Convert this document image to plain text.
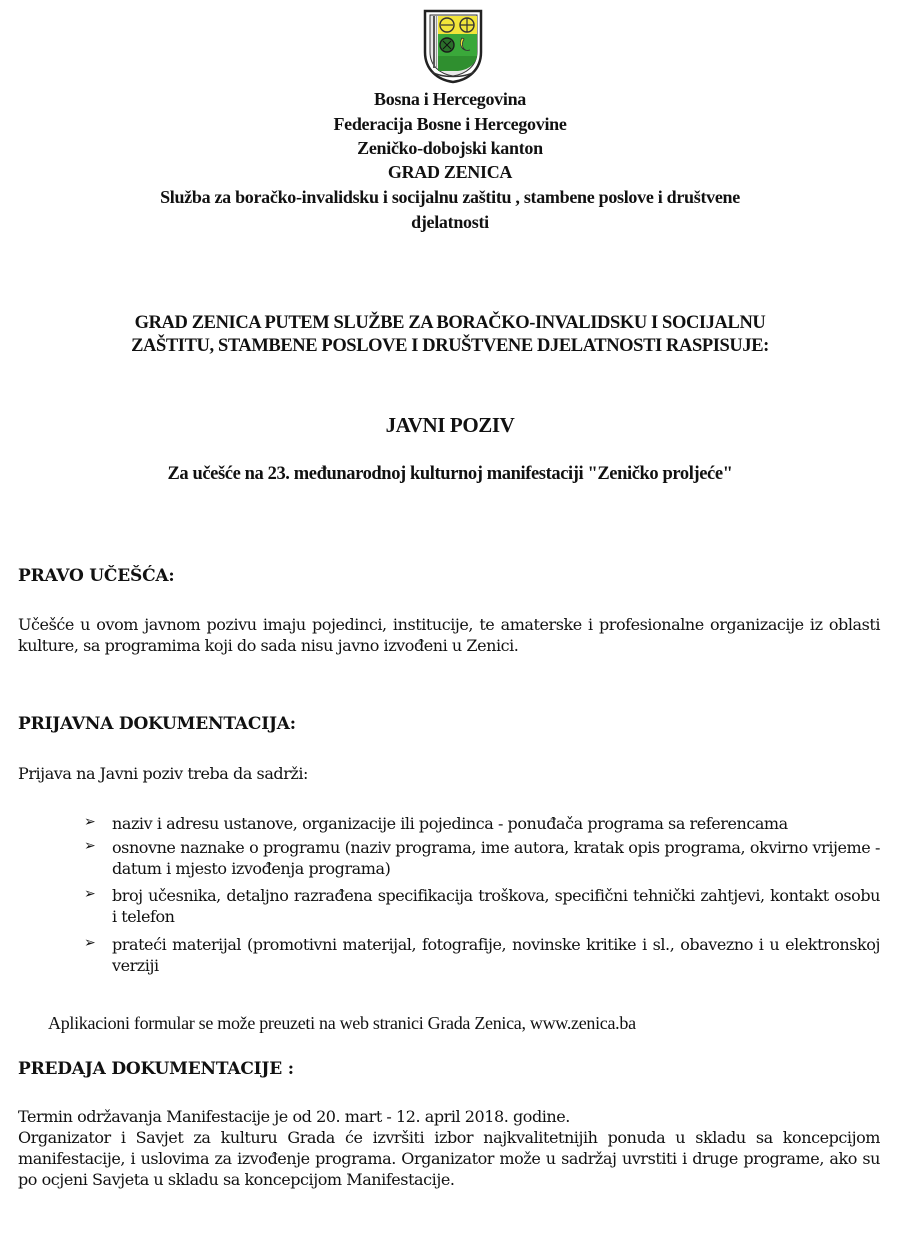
Bosna i Hercegovina
Federacija Bosne i Hercegovine
Zeničko-dobojski kanton
GRAD ZENICA
Služba za boračko-invalidsku i socijalnu zaštitu , stambene poslove i društvene
djelatnosti
GRAD ZENICA PUTEM SLUŽBE ZA BORAČKO-INVALIDSKU I SOCIJALNU
ZAŠTITU, STAMBENE POSLOVE I DRUŠTVENE DJELATNOSTI RASPISUJE:
JAVNI POZIV
Za učešće na 23. međunarodnoj kulturnoj manifestaciji "Zeničko proljeće"
PRAVO UČEŠĆA:
Učešće u ovom javnom pozivu imaju pojedinci, institucije, te amaterske i profesionalne organizacije iz oblasti kulture, sa programima koji do sada nisu javno izvođeni u Zenici.
PRIJAVNA DOKUMENTACIJA:
Prijava na Javni poziv treba da sadrži:
➢ naziv i adresu ustanove, organizacije ili pojedinca - ponuđača programa sa referencama
➢ osnovne naznake o programu (naziv programa, ime autora, kratak opis programa, okvirno vrijeme - datum i mjesto izvođenja programa)
➢ broj učesnika, detaljno razrađena specifikacija troškova, specifični tehnički zahtjevi, kontakt osobu i telefon
➢ prateći materijal (promotivni materijal, fotografije, novinske kritike i sl., obavezno i u elektronskoj verziji
Aplikacioni formular se može preuzeti na web stranici Grada Zenica, www.zenica.ba
PREDAJA DOKUMENTACIJE :
Termin održavanja Manifestacije je od 20. mart - 12. april 2018. godine.
Organizator i Savjet za kulturu Grada će izvršiti izbor najkvalitetnijih ponuda u skladu sa koncepcijom manifestacije, i uslovima za izvođenje programa. Organizator može u sadržaj uvrstiti i druge programe, ako su po ocjeni Savjeta u skladu sa koncepcijom Manifestacije.
